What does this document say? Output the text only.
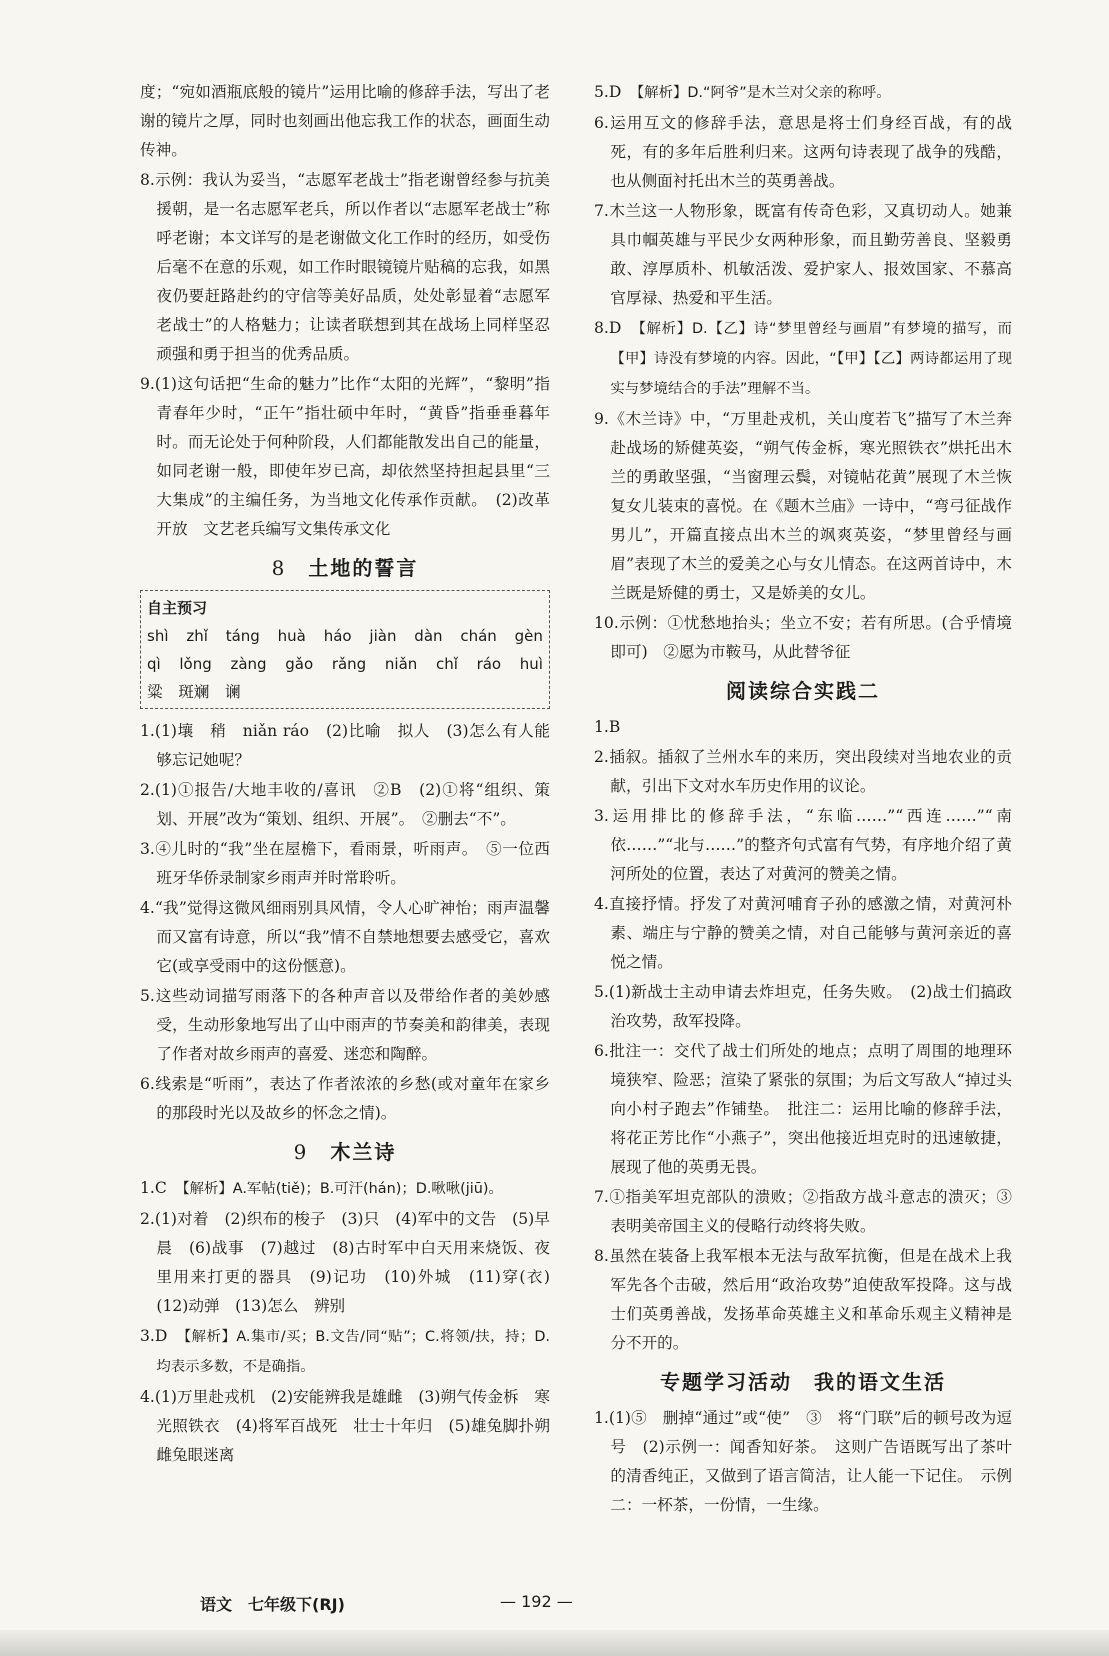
度；“宛如酒瓶底般的镜片”运用比喻的修辞手法，写出了老谢的镜片之厚，同时也刻画出他忘我工作的状态，画面生动传神。

8.示例：我认为妥当，“志愿军老战士”指老谢曾经参与抗美援朝，是一名志愿军老兵，所以作者以“志愿军老战士”称呼老谢；本文详写的是老谢做文化工作时的经历，如受伤后毫不在意的乐观，如工作时眼镜镜片贴稿的忘我，如黑夜仍要赶路赴约的守信等美好品质，处处彰显着“志愿军老战士”的人格魅力；让读者联想到其在战场上同样坚忍顽强和勇于担当的优秀品质。

9.(1)这句话把“生命的魅力”比作“太阳的光辉”，“黎明”指青春年少时，“正午”指壮硕中年时，“黄昏”指垂垂暮年时。而无论处于何种阶段，人们都能散发出自己的能量，如同老谢一般，即使年岁已高，却依然坚持担起县里“三大集成”的主编任务，为当地文化传承作贡献。　(2)改革开放　文艺老兵编写文集传承文化

8 土地的誓言
自主预习
shì zhǐ táng huà háo jiàn dàn chán gèn
qì lǒng zàng gǎo rǎng niǎn chǐ ráo huì
粱　斑斓　谰

1.(1)壤　稍　niǎn ráo　(2)比喻　拟人　(3)怎么有人能够忘记她呢？

2.(1)①报告/大地丰收的/喜讯　②B　(2)①将“组织、策划、开展”改为“策划、组织、开展”。　②删去“不”。

3.④儿时的“我”坐在屋檐下，看雨景，听雨声。　⑤一位西班牙华侨录制家乡雨声并时常聆听。

4.“我”觉得这微风细雨别具风情，令人心旷神怡；雨声温馨而又富有诗意，所以“我”情不自禁地想要去感受它，喜欢它(或享受雨中的这份惬意)。

5.这些动词描写雨落下的各种声音以及带给作者的美妙感受，生动形象地写出了山中雨声的节奏美和韵律美，表现了作者对故乡雨声的喜爱、迷恋和陶醉。

6.线索是“听雨”，表达了作者浓浓的乡愁(或对童年在家乡的那段时光以及故乡的怀念之情)。

9 木兰诗

1.C　【解析】A.军帖(tiě)；B.可汗(hán)；D.啾啾(jiū)。

2.(1)对着　(2)织布的梭子　(3)只　(4)军中的文告　(5)早晨　(6)战事　(7)越过　(8)古时军中白天用来烧饭、夜里用来打更的器具　(9)记功　(10)外城　(11)穿(衣)　(12)动弹　(13)怎么　辨别

3.D　【解析】A.集市/买；B.文告/同“贴”；C.将领/扶，持；D.均表示多数，不是确指。

4.(1)万里赴戎机　(2)安能辨我是雄雌　(3)朔气传金柝　寒光照铁衣　(4)将军百战死　壮士十年归　(5)雄兔脚扑朔　雌兔眼迷离

5.D　【解析】D.“阿爷”是木兰对父亲的称呼。

6.运用互文的修辞手法，意思是将士们身经百战，有的战死，有的多年后胜利归来。这两句诗表现了战争的残酷，也从侧面衬托出木兰的英勇善战。

7.木兰这一人物形象，既富有传奇色彩，又真切动人。她兼具巾帼英雄与平民少女两种形象，而且勤劳善良、坚毅勇敢、淳厚质朴、机敏活泼、爱护家人、报效国家、不慕高官厚禄、热爱和平生活。

8.D　【解析】D.【乙】诗“梦里曾经与画眉”有梦境的描写，而【甲】诗没有梦境的内容。因此，“【甲】【乙】两诗都运用了现实与梦境结合的手法”理解不当。

9.《木兰诗》中，“万里赴戎机，关山度若飞”描写了木兰奔赴战场的矫健英姿，“朔气传金柝，寒光照铁衣”烘托出木兰的勇敢坚强，“当窗理云鬓，对镜帖花黄”展现了木兰恢复女儿装束的喜悦。在《题木兰庙》一诗中，“弯弓征战作男儿”，开篇直接点出木兰的飒爽英姿，“梦里曾经与画眉”表现了木兰的爱美之心与女儿情态。在这两首诗中，木兰既是矫健的勇士，又是娇美的女儿。

10.示例：①忧愁地抬头；坐立不安；若有所思。(合乎情境即可)　②愿为市鞍马，从此替爷征

阅读综合实践二

1.B

2.插叙。插叙了兰州水车的来历，突出段续对当地农业的贡献，引出下文对水车历史作用的议论。

3.运用排比的修辞手法，“东临……”“西连……”“南依……”“北与……”的整齐句式富有气势，有序地介绍了黄河所处的位置，表达了对黄河的赞美之情。

4.直接抒情。抒发了对黄河哺育子孙的感激之情，对黄河朴素、端庄与宁静的赞美之情，对自己能够与黄河亲近的喜悦之情。

5.(1)新战士主动申请去炸坦克，任务失败。　(2)战士们搞政治攻势，敌军投降。

6.批注一：交代了战士们所处的地点；点明了周围的地理环境狭窄、险恶；渲染了紧张的氛围；为后文写敌人“掉过头向小村子跑去”作铺垫。　批注二：运用比喻的修辞手法，将花正芳比作“小燕子”，突出他接近坦克时的迅速敏捷，展现了他的英勇无畏。

7.①指美军坦克部队的溃败；②指敌方战斗意志的溃灭；③表明美帝国主义的侵略行动终将失败。

8.虽然在装备上我军根本无法与敌军抗衡，但是在战术上我军先各个击破，然后用“政治攻势”迫使敌军投降。这与战士们英勇善战，发扬革命英雄主义和革命乐观主义精神是分不开的。

专题学习活动　我的语文生活

1.(1)⑤　删掉“通过”或“使”　③　将“门联”后的顿号改为逗号　(2)示例一：闻香知好茶。　这则广告语既写出了茶叶的清香纯正，又做到了语言简洁，让人能一下记住。　示例二：一杯茶，一份情，一生缘。

语文　七年级下(RJ)	— 192 —
